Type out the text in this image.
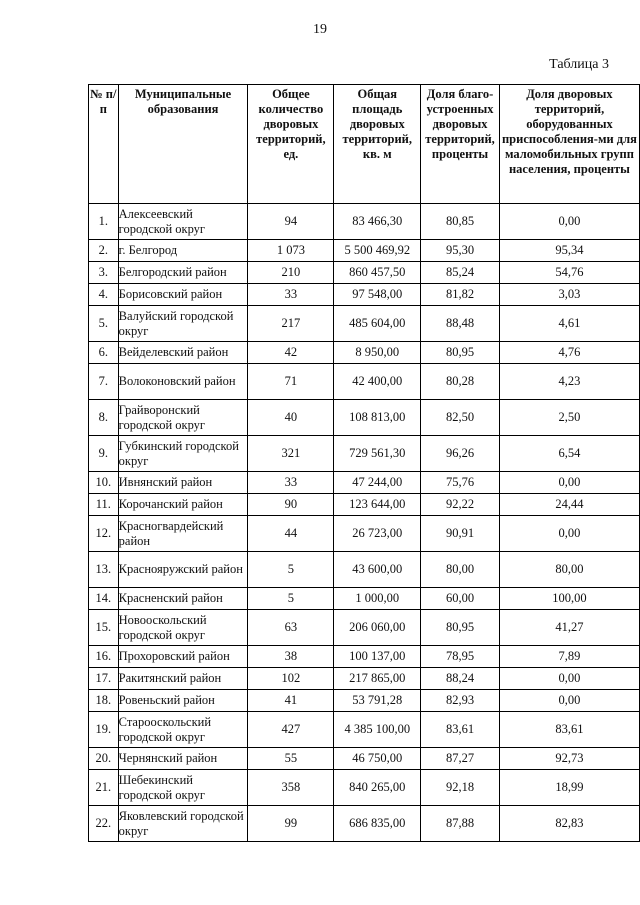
19
Таблица 3
№ п/п	Муниципальные образования	Общее количество дворовых территорий, ед.	Общая площадь дворовых территорий, кв. м	Доля благо-устроенных дворовых территорий, проценты	Доля дворовых территорий, оборудованных приспособления-ми для маломобильных групп населения, проценты
1.	Алексеевский городской округ	94	83 466,30	80,85	0,00
2.	г. Белгород	1 073	5 500 469,92	95,30	95,34
3.	Белгородский район	210	860 457,50	85,24	54,76
4.	Борисовский район	33	97 548,00	81,82	3,03
5.	Валуйский городской округ	217	485 604,00	88,48	4,61
6.	Вейделевский район	42	8 950,00	80,95	4,76
7.	Волоконовский район	71	42 400,00	80,28	4,23
8.	Грайворонский городской округ	40	108 813,00	82,50	2,50
9.	Губкинский городской округ	321	729 561,30	96,26	6,54
10.	Ивнянский район	33	47 244,00	75,76	0,00
11.	Корочанский район	90	123 644,00	92,22	24,44
12.	Красногвардейский район	44	26 723,00	90,91	0,00
13.	Краснояружский район	5	43 600,00	80,00	80,00
14.	Красненский район	5	1 000,00	60,00	100,00
15.	Новооскольский городской округ	63	206 060,00	80,95	41,27
16.	Прохоровский район	38	100 137,00	78,95	7,89
17.	Ракитянский район	102	217 865,00	88,24	0,00
18.	Ровеньский район	41	53 791,28	82,93	0,00
19.	Старооскольский городской округ	427	4 385 100,00	83,61	83,61
20.	Чернянский район	55	46 750,00	87,27	92,73
21.	Шебекинский городской округ	358	840 265,00	92,18	18,99
22.	Яковлевский городской округ	99	686 835,00	87,88	82,83
